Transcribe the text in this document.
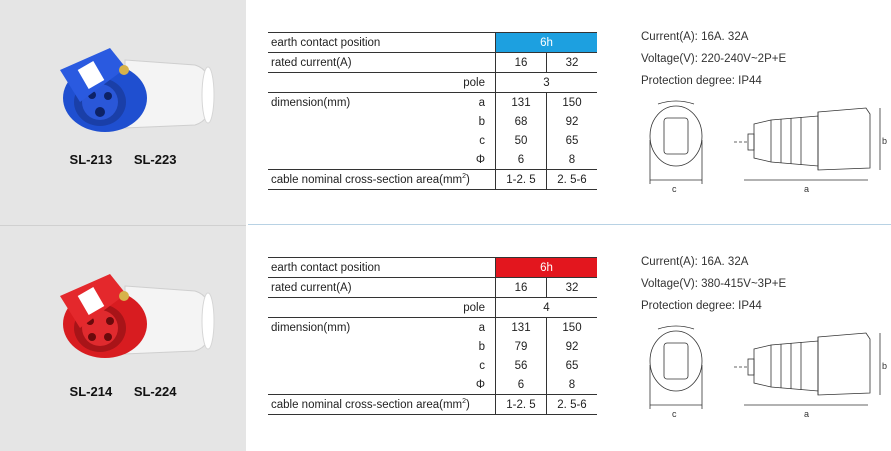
SL-213 SL-223
earth contact position		6h	
rated current(A)		16	32
pole		3	
dimension(mm)	a	131	150
	b	68	92
	c	50	65
	Φ	6	8
cable nominal cross-section $area(mm^2)$		1-2. 5	2. 5-6
Current(A): 16A. 32A
Voltage(V): 220-240V~2P+E
Protection degree: IP44
c	a
b
SL-214 SL-224
earth contact position		6h	
rated current(A)		16	32
pole		4	
dimension(mm)	a	131	150
	b	79	92
	c	56	65
	Φ	6	8
cable nominal cross-section $area(mm^2)$		1-2. 5	2. 5-6
Current(A): 16A. 32A
Voltage(V): 380-415V~3P+E
Protection degree: IP44
c	a
b
